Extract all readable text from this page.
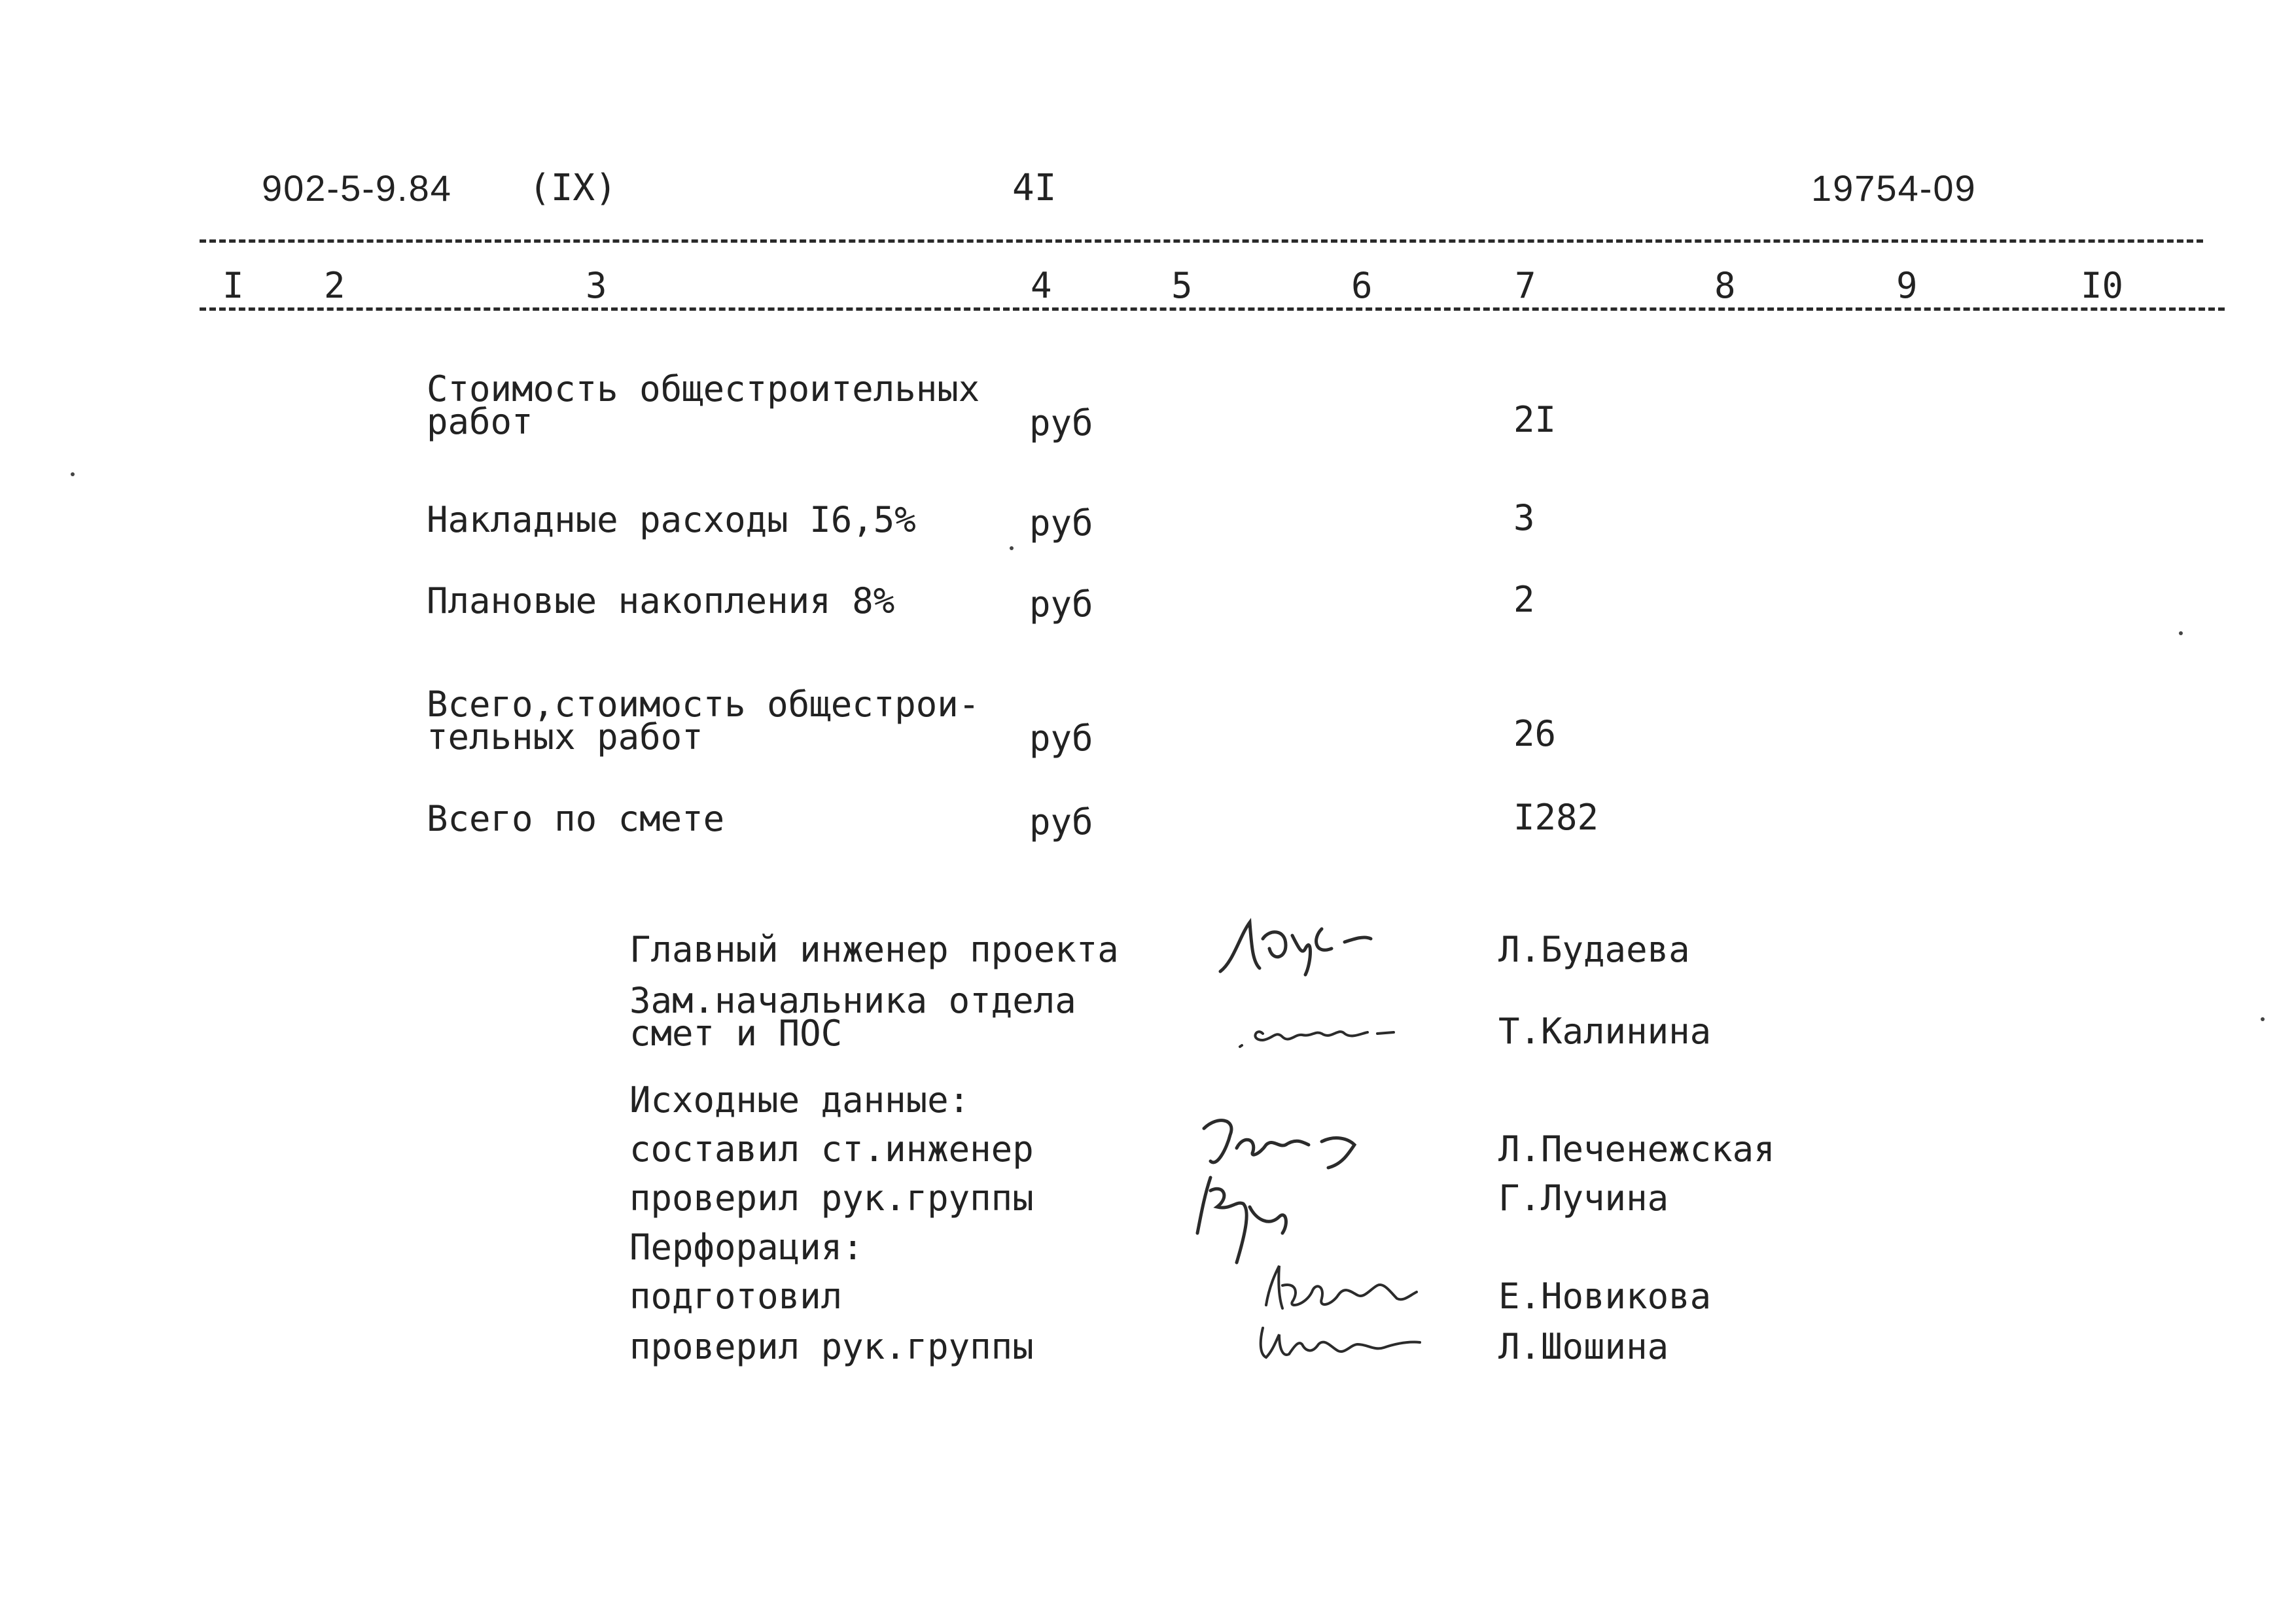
902-5-9.84 (IX)	4I	19754-09
I 2	3	4	5	6	7	8	9	I0
Стоимость общестроительных
работ	руб	2I
Накладные расходы I6,5%	руб	3
Плановые накопления 8%	руб	2
Всего,стоимость общестрои-
тельных работ	руб	26
Всего по смете	руб	I282
Главный инженер проекта	Л.Будаева
Зам.начальника отдела
смет и ПОС	Т.Калинина
Исходные данные:
составил ст.инженер	Л.Печенежская
проверил рук.группы	Г.Лучина
Перфорация:
подготовил	Е.Новикова
проверил рук.группы	Л.Шошина
